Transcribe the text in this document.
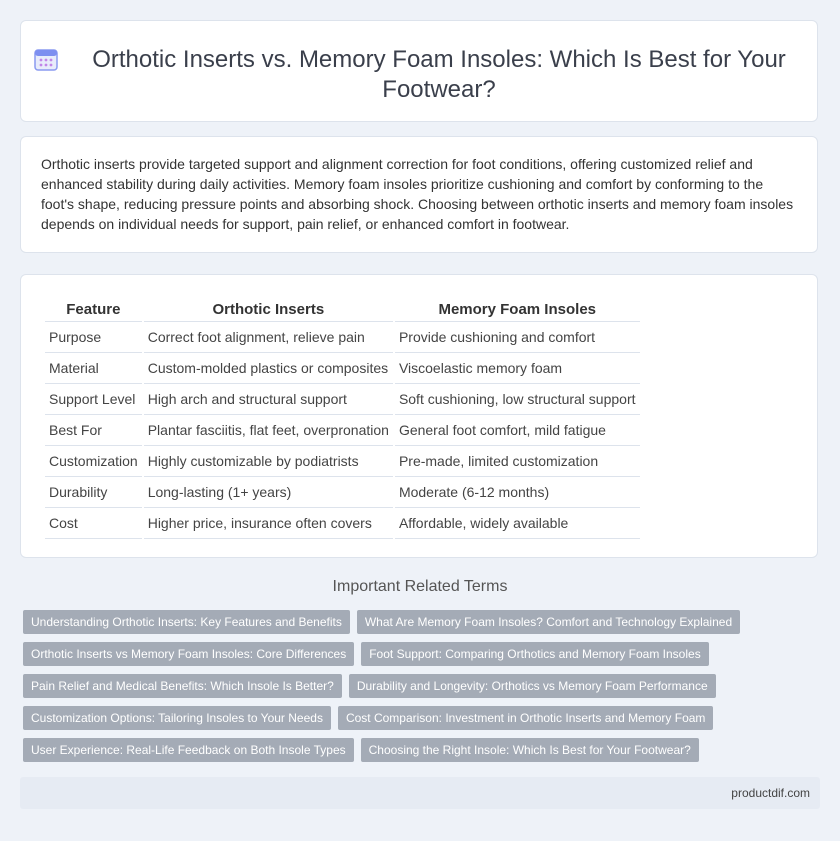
Orthotic Inserts vs. Memory Foam Insoles: Which Is Best for Your Footwear?

Orthotic inserts provide targeted support and alignment correction for foot conditions, offering customized relief and enhanced stability during daily activities. Memory foam insoles prioritize cushioning and comfort by conforming to the foot's shape, reducing pressure points and absorbing shock. Choosing between orthotic inserts and memory foam insoles depends on individual needs for support, pain relief, or enhanced comfort in footwear.

Feature	Orthotic Inserts	Memory Foam Insoles
Purpose	Correct foot alignment, relieve pain	Provide cushioning and comfort
Material	Custom-molded plastics or composites	Viscoelastic memory foam
Support Level	High arch and structural support	Soft cushioning, low structural support
Best For	Plantar fasciitis, flat feet, overpronation	General foot comfort, mild fatigue
Customization	Highly customizable by podiatrists	Pre-made, limited customization
Durability	Long-lasting (1+ years)	Moderate (6-12 months)
Cost	Higher price, insurance often covers	Affordable, widely available
Important Related Terms
Understanding Orthotic Inserts: Key Features and Benefits	What Are Memory Foam Insoles? Comfort and Technology Explained
Orthotic Inserts vs Memory Foam Insoles: Core Differences	Foot Support: Comparing Orthotics and Memory Foam Insoles
Pain Relief and Medical Benefits: Which Insole Is Better?	Durability and Longevity: Orthotics vs Memory Foam Performance
Customization Options: Tailoring Insoles to Your Needs	Cost Comparison: Investment in Orthotic Inserts and Memory Foam
User Experience: Real-Life Feedback on Both Insole Types	Choosing the Right Insole: Which Is Best for Your Footwear?
productdif.com
